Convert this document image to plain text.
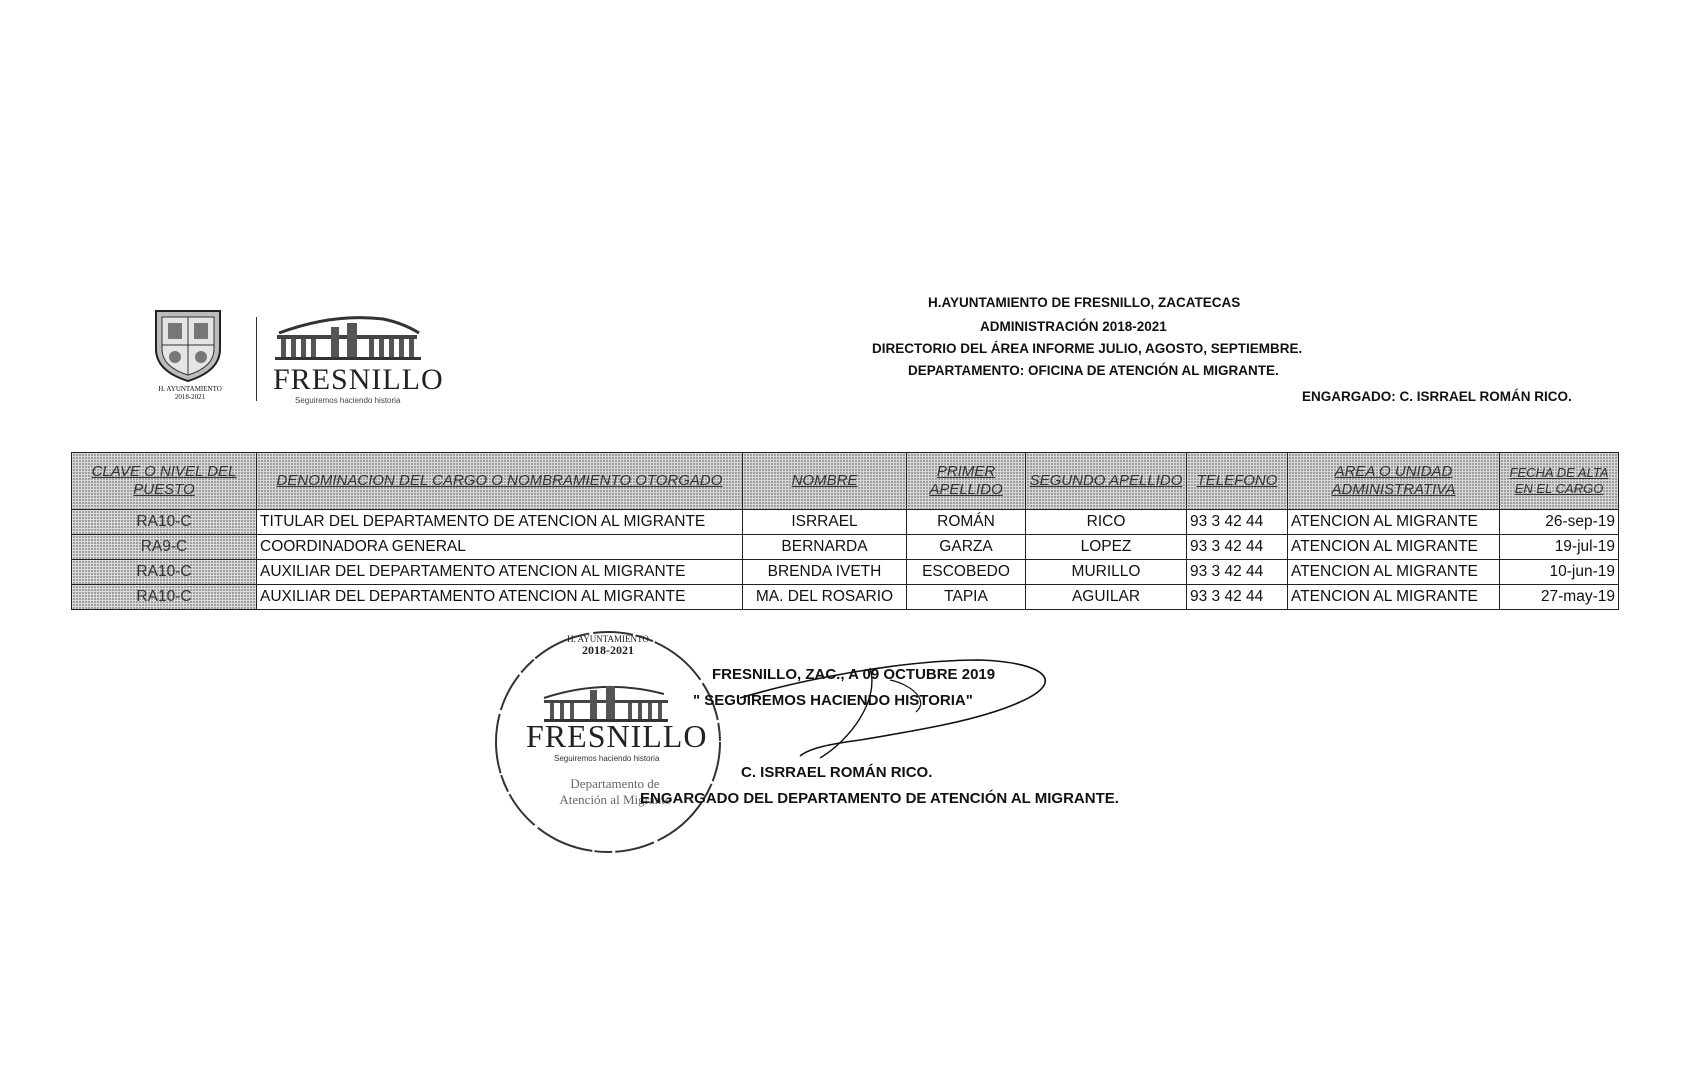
H. AYUNTAMIENTO
2018-2021
FRESNILLO
Seguiremos haciendo historia
H.AYUNTAMIENTO DE FRESNILLO, ZACATECAS
ADMINISTRACIÓN 2018-2021
DIRECTORIO DEL ÁREA INFORME JULIO, AGOSTO, SEPTIEMBRE.
DEPARTAMENTO: OFICINA DE ATENCIÓN AL MIGRANTE.
ENGARGADO: C. ISRRAEL ROMÁN RICO.
CLAVE O NIVEL DEL PUESTO	DENOMINACION DEL CARGO O NOMBRAMIENTO OTORGADO	NOMBRE	PRIMER APELLIDO	SEGUNDO APELLIDO	TELEFONO	AREA O UNIDAD ADMINISTRATIVA	FECHA DE ALTA EN EL CARGO
RA10-C	TITULAR DEL DEPARTAMENTO DE ATENCION AL MIGRANTE	ISRRAEL	ROMÁN	RICO	93 3 42 44	ATENCION AL MIGRANTE	26-sep-19
RA9-C	COORDINADORA GENERAL	BERNARDA	GARZA	LOPEZ	93 3 42 44	ATENCION AL MIGRANTE	19-jul-19
RA10-C	AUXILIAR DEL DEPARTAMENTO ATENCION AL MIGRANTE	BRENDA IVETH	ESCOBEDO	MURILLO	93 3 42 44	ATENCION AL MIGRANTE	10-jun-19
RA10-C	AUXILIAR DEL DEPARTAMENTO ATENCION AL MIGRANTE	MA. DEL ROSARIO	TAPIA	AGUILAR	93 3 42 44	ATENCION AL MIGRANTE	27-may-19
H. AYUNTAMIENTO
2018-2021
FRESNILLO
Seguiremos haciendo historia
Departamento de
Atención al Migrante
FRESNILLO, ZAC., A 09 OCTUBRE 2019
" SEGUIREMOS HACIENDO HISTORIA"
C. ISRRAEL ROMÁN RICO.
ENGARGADO DEL DEPARTAMENTO DE ATENCIÓN AL MIGRANTE.
